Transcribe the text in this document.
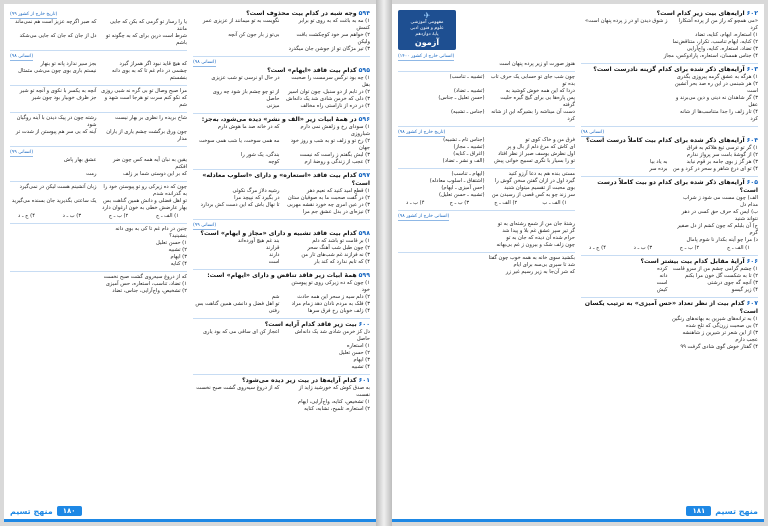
۵۹۴وجه شبه در کدام بیت محذوف است؟
۱) مه به باغت که به روی تو برابر کنمش
نگویمت به تو میمانند از عزیزی عمر
۲) خواهم سر خود کوچکشت بافت ولیکن
بی‌تو ز بار جون کن آنچه
۳) تیر مژگان تو از جوشن جان میگذرد
(انسانی ۹۸)
۵۹۵کدام بیت فاقد «ایهام» است؟
۱) چه بود نرگس سرمست را صحبت بقل
در حال او نرسی تو شب عزیزی
۲) در تابم از دو سنبل، چون توان اسیر
از تو چو چشم باز شود چه روی
۳) دلی که خرمن شادی شد یک دانه‌اش
حاصل
۴) در دره از ناراستی راه مخالف
میزنی
۵۹۶در همهٔ ابیات زیر «الف و نشر» دیده می‌شود، به‌جز:
۱) سودای رخ و زلفش نمی دارم شباروزی
که در خانه صد ما هوش دارم
۲) رخ تو و زلف تو به شب و روز خود جهان
مه همی سوخت، یا شب همی سوخت
۳) لبش بگفتم ز راست که نیست
بندگی، یک شور را
۴) عجب از زندگی و روضهٔ ارم
کوچه
۵۹۷کدام بیت فاقد «استعاره» و دارای «اسلوب معادله» است؟
۱) قطع امید کنید که نعیم دهر
رشیه دلاز مرگ نکوئی
۲) در گفت صحبت ما به صوفیان ستان
در بگیرد که نپیچد مرا
۳) در عین امری چه خورد نقشه مهربی
تا نهال باش که این دست کش بردارد
۴) نیزه‌ای در بدل عشق جم مرا
(انسانی ۹۹)
۵۹۸کدام بیت فاقد تشبیه و دارای «مجاز و ایهام» است؟
۱) بر قامت تو باشد که دلم
بند غم هیچ آورده‌اند
۲) چون طبل شب آهنگ سحر
قرارند
۳) نه فرازند غم شب‌های تار من
دارند
۴) که تابم ندارد که کند بار
است
۵۹۹همهٔ ابیات زیر فاقد تناقض و دارای «ایهام» است:
۱) چون که ده زیرکی روی تو پیوستن خود
۲) دلم سیه ز سحر این همه حادث
شم
۳) فلک به مردم نادان دهد زمام مراد
تو اهل فضل و دانشی همین گناهت بس
۴) زلف خوبان رخ فرق سرها
رفتی
۶۰۰بیت زیر فاقد کدام آرایه است؟
دل کز خرمن شادی شد یک دانه‌اش حاصل
اعجاز کن ای ساقی می که بود یاری
۱) استعاره
۲) حسن تعلیل
۳) ایهام
۴) تشبیه
۶۰۱کدام آرایه‌ها در بیت زیر دیده می‌شود؟
به صدق کوش که خورشید زاید از نفست
که از دروغ سیه‌روی گشت صبح نخست
۱) تشخیص، کنایه، واج‌آرایی، ایهام
۲) استعاره، تلمیح، تشابه، کنایه
(تاریخ خارج از کشور ۹۹)
یا را رسار تو گرمی که بکن که جایی مانند
که صبر اگرچه عزیز است هم نمی‌ماند
شرط است درین برای که به چگونه تو باشم
دل از جان که جان که جایی می‌شکد
(انسانی ۹۸)
که هیچ قاید نبود اگر همراز گیرد
بجز سیر ندارد پانه تو بنهار
چشمی در دام غم تا که به بوی دانه بنشستم
نیستم باری بوی چون می‌شی مثمثال
مرا صبح وصال تو بی گره نه شبی روزی
آنچه به یکسر با نکوی و آنچه تو شیر
که نکو کنم سرت تو هرجا است شهد و شم
جز ظرف خوبیار بود چون شیر
شاخ بریده را نظری بر بهار نیست
رشته چون در پیک دیدن با آینه روگیان شود
چون ورق برگشت چشم یاری از یاران مدار
آینه که بی سر هم پیوستن از شدت تر
(انسانی ۹۹)
یقین به نبان آیه همه کس چون ضر افکنم
عشق بهار پاش
که بر این دوستی شما بر زلف
رمت
چون که ده زیرکی رو تو پیوستن خود را به گذرانده شدم
زبان آتشینم هست لیکن در نمی‌گیرد
تو اهل فضلی و دانش همین گناهت بس
یک ساعتی بگذیرید جان بسنده می‌گیرید
بهار عارضش خطی به خون ارغوان دارد
۱) الف ـ ج
۲) ب ـ ج
۳) ب ـ د
۴) ج ـ د
چنین در دام غم تا کی به بوی دانه بنشینید؟
۱) حسن تعلیل
۲) تشبیه
۳) ایهام
۴) کنایه
که از دروغ سیه‌روی گشت صبح نخست
۱) تضاد، تناسب، استعاره، حس آمیزی
۲) تشخیص، واج‌آرایی، جناس، تضاد
۱۸۰
منهج تسیم
۶۰۲آرایه‌های بیت زیر کدام است؟
«می همچو که راز من از پرده آشکارا کرد
ز شوق دیدن او در ز پرده پنهان است»
۱) استعاره، ایهام، کنایه، تضاد
۲) کنایه، ایهام تناسب، تکرار، متناقض‌نما
۳) تضاد، استعاره، کنایه، واج‌آرایی
۴) جناس همسان، استعاره، پارادوکس، مجاز
۶۰۳آرایه‌های ذکر شده برای کدام گزینه نادرست است؟
۱) هرگه به عشق گرمه پیروزی بگذری
۲) هر شبنمی در این ره صد بحر آتشین است
۳) گر شاهدان نه دینی و دین می‌برند و عقل
۴) تار زلف را جدا متناسب‌ها از شانه کرد
(انسانی ۹۸)
۶۰۴آرایه‌های ذکر شده برای کدام بیت کاملاً درست است؟
۱) گر تو ترسی تیغ هلاکم به فراق
۲) از گوشهٔ بامت سر پرواز ندارم
۳) هر گز ز بوی جامه بر قوم نیابد
به یاد بیا
۴) تو ای درع شاهر و سحر در کرد و من
برده سر
۶۰۵آرایه‌های ذکر شده برای کدام دو بیت کاملاً درست است؟
الف) چون مست می شود ز شراب مدام دل
ب) ایس که حرف حق کسی در دهر نتواند شنید
ج) آن بلبلم که چون کشم از دل صفیر گرم
د) مرا چو آینه بکدار نا شوم پامال
۱) الف ـ ج
۲) ب ـ ج
۳) ب ـ د
۴) ج ـ د
۶۰۶آرایهٔ مقابل کدام بیت بیشتر است؟
۱) چشم گرامی چشم من از سرو قامت
کرده
۲) تا به شکست گل خون مرا بکنم
دانه
۳) آنچه گه جوی درشتی
است
۴) زیر گیسو
کیش
۶۰۷کدام بیت از نظر تعداد «حس آمیزی» به ترتیب یکسان است؟
۱) به ترانه‌های شیرین به بهانه‌های رنگین
۲) بی صحبت زرن‌گی که تلخ شده
۳) از این شعر تر شیرین ز شاهنشه عجب دارم
۴) گفتار خوش گوی شادی گرفت ۹۹
✈
مفهومی آموزشی
علوم و فنون ادبی
پایهٔ دوازدهم
آزمون
(انسانی خارج از کشور ۱۴۰۰)
هنوز صورت او زیر پرده پنهان است
چون شب جای تو حسابی یک حرف تاب بده تو
(تشبیه ـ تناسب)
دردا که این همه خوش کوشید به
(تشبیه ـ تضاد)
پس پاره‌ها بی برای گیج گیره حلیت گرفته
(حسن تعلیل ـ جناس)
دست آن میناشه را بشیرگه این از شانه کرد
(جناس ـ تشبیه)
(تاریخ خارج از کشور ۹۸)
فرق من و خاک کوی تو
(جناس تام ـ تشبیه)
ای کاش که مرغ دلم از بال و پر
(تشبیه ـ مجاز)
اول نظرش یوسف صبر از نظر افتاد
(اغراق ـ کنایه)
تو را بسیار با نگری تسبیح خوانی پیش
(الف و نشر ـ تضاد)
مستی بنده هم به دعا آرزو کنید
(ایهام ـ تناسب)
گیرد اول در ازان گفتن سخن گوش را
(اشتقاق ـ اسلوب معادله)
بوی محبت از تقسیم میتوان شنید
(حس آمیزی ـ ایهام)
سر زند چو به کس قصی از رسیدن من
(تشبیه ـ حسن تعلیل)
۱) الف ـ ب
۲) الف ـ ج
۳) ب ـ ج
۴) ب ـ د
(انسانی خارج از کشور ۹۸)
رشتهٔ جان من از شمع رشته‌ای به تو
گر تیر سپر عشق غم بلا و پیدا شد
حرام شده آن دیده که جان به تو
چون زلف شک و بیرون ز غم بی‌بهانه
بکشید سوی خانه به همه خوب چون گفتا
شد تا سیری بی‌سه برای ایام
که شر آن‌جا به زیر رسیم غیر زر
منهج تسیم
۱۸۱
